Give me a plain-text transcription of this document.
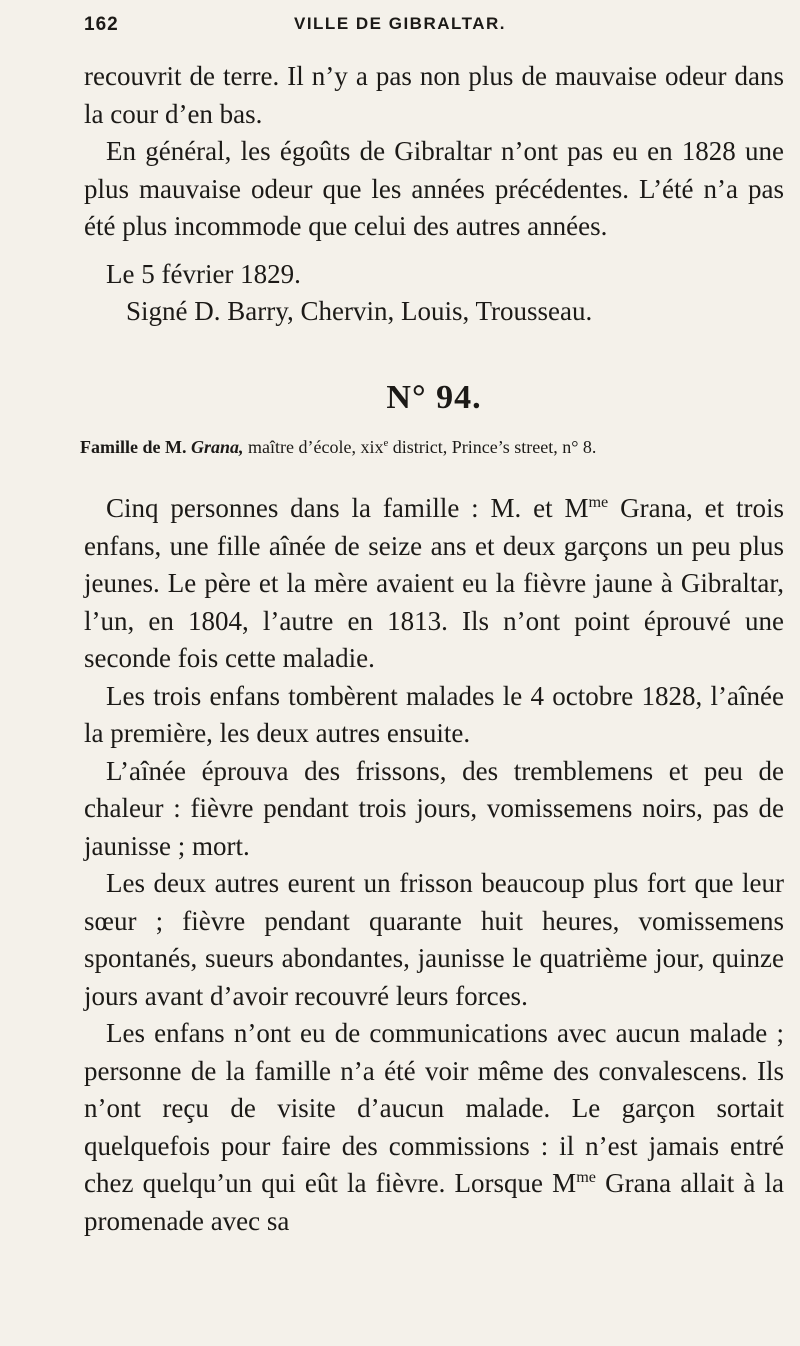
162	VILLE DE GIBRALTAR.

recouvrit de terre. Il n’y a pas non plus de mauvaise odeur dans la cour d’en bas.

En général, les égoûts de Gibraltar n’ont pas eu en 1828 une plus mauvaise odeur que les années précédentes. L’été n’a pas été plus incommode que celui des autres années.

Le 5 février 1829.

Signé D. Barry, Chervin, Louis, Trousseau.

N° 94.
Famille de M. Grana, maître d’école, xix$^e$ district, Prince’s street, n° 8.

Cinq personnes dans la famille : M. et $M^{me}$ Grana, et trois enfans, une fille aînée de seize ans et deux garçons un peu plus jeunes. Le père et la mère avaient eu la fièvre jaune à Gibraltar, l’un, en 1804, l’autre en 1813. Ils n’ont point éprouvé une seconde fois cette maladie.

Les trois enfans tombèrent malades le 4 octobre 1828, l’aînée la première, les deux autres ensuite.

L’aînée éprouva des frissons, des tremblemens et peu de chaleur : fièvre pendant trois jours, vomissemens noirs, pas de jaunisse ; mort.

Les deux autres eurent un frisson beaucoup plus fort que leur sœur ; fièvre pendant quarante huit heures, vomissemens spontanés, sueurs abondantes, jaunisse le quatrième jour, quinze jours avant d’avoir recouvré leurs forces.

Les enfans n’ont eu de communications avec aucun malade ; personne de la famille n’a été voir même des convalescens. Ils n’ont reçu de visite d’aucun malade. Le garçon sortait quelquefois pour faire des commissions : il n’est jamais entré chez quelqu’un qui eût la fièvre. Lorsque $M^{me}$ Grana allait à la promenade avec sa
